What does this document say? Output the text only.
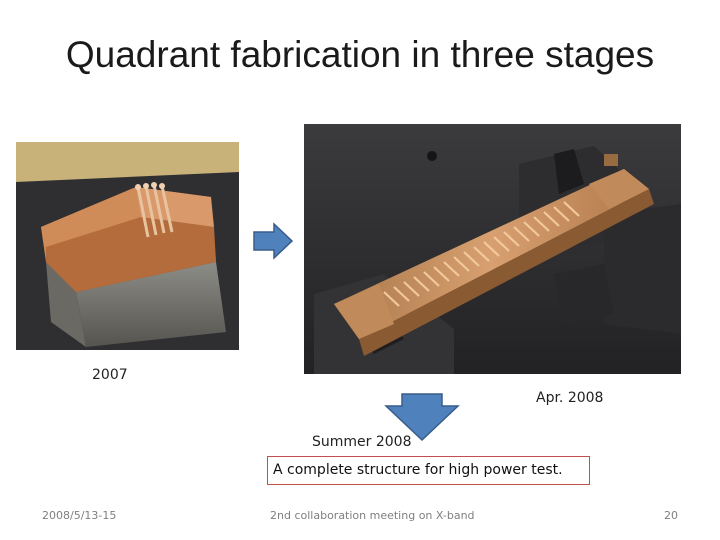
Quadrant fabrication in three stages
2007
Apr. 2008
Summer 2008
A complete structure for high power test.
2008/5/13-15	2nd collaboration meeting on X-band	20
